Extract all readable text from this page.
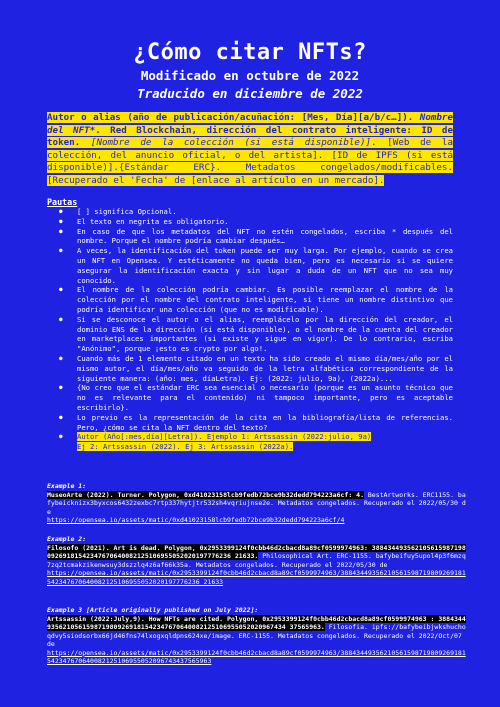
¿Cómo citar NFTs?
Modificado en octubre de 2022
Traducido en diciembre de 2022

Autor o alias (año de publicación/acuñación: [Mes, Día][a/b/c…]). Nombre del NFT*. Red Blockchain, dirección del contrato inteligente: ID de token. [Nombre de la colección (si está disponible)]. [Web de la colección, del anuncio oficial, o del artista]. [ID de IPFS (si está disponible)].{Estándar ERC}. Metadatos congelados/modificables. [Recuperado el 'Fecha' de [enlace al artículo en un mercado].

Pautas
● [ ] significa Opcional.
● El texto en negrita es obligatorio.
● En caso de que los metadatos del NFT no estén congelados, escriba * después del nombre. Porque el nombre podría cambiar después…
● A veces, la identificación del token puede ser muy larga. Por ejemplo, cuando se crea un NFT en Opensea. Y estéticamente no queda bien, pero es necesario si se quiere asegurar la identificación exacta y sin lugar a duda de un NFT que no sea muy conocido.
● El nombre de la colección podría cambiar. Es posible reemplazar el nombre de la colección por el nombre del contrato inteligente, si tiene un nombre distintivo que podría identificar una colección (que no es modificable).
● Si se desconoce el autor o el alias, reemplácelo por la dirección del creador, el dominio ENS de la dirección (si está disponible), o el nombre de la cuenta del creador en marketplaces importantes (si existe y sigue en vigor). De lo contrario, escriba "Anónimo", porque ¡esto es crypto por algo!.
● Cuando más de 1 elemento citado en un texto ha sido creado el mismo día/mes/año por el mismo autor, el día/mes/año va seguido de la letra alfabética correspondiente de la siguiente manera: (año: mes, díaLetra). Ej: (2022: julio, 9a), (2022a)...
● {No creo que el estándar ERC sea esencial o necesario (porque es un asunto técnico que no es relevante para el contenido) ni tampoco importante, pero es aceptable escribirlo}.
● Lo previo es la representación de la cita en la bibliografía/lista de referencias. Pero, ¿cómo se cita la NFT dentro del texto?
● Autor (Año[:mes,día][Letra]). Ejemplo 1: Artssassin (2022:julio, 9a)
Ej 2: Artssassin (2022). Ej 3: Artssassin (2022a).
Example 1:
MuseoArte (2022). Turner. Polygon, 0xd41023158lcb9fedb72bce9b32dedd794223a6cf: 4. BestArtworks. ERC1155. bafybeicknizx3byxcos6432zexbc7rtp337hytjtr532sh4vqriujnse2e. Metadatos congelados. Recuperado el 2022/05/30 de
https://opensea.io/assets/matic/0xd41023158lcb9fedb72bce9b32dedd794223a6cf/4
Example 2:
Filosofo (2021). Art is dead. Polygon, 0x2953399124f0cbb46d2cbacd8a89cf0599974963: 38843449356210561598719809269181542347670640082125106955052020197776236 21633. Philosophical Art. ERC-1155. bafybeifuy5upol4p3f6mzq7zq2tcmakzikenwsuy3dszzlq4z6af66k35a. Metadatos congelados. Recuperado el 2022/05/30 de
https://opensea.io/assets/matic/0x2953399124f0cbb46d2cbacd8a89cf0599974963/38843449356210561598719809269181542347670640082125106955052020197776236 21633
Example 3 [Article originally published on July 2022]:
Artssassin (2022:July,9). How NFTs are cited. Polygon, 0x2953399124f0cbb46d2cbacd8a89cf0599974963 : 38843449356210561598719809269181542347670640082125106955052020967434 37565963. Filosofia. ipfs://bafybeibjwkshuchoqdvy5siodsorbx66jd46fns74lxogxqldpns624xe/image. ERC-1155. Metadatos congelados. Recuperado el 2022/Oct/07 de
https://opensea.io/assets/matic/0x2953399124f0cbb46d2cbacd8a89cf0599974963/38843449356210561598719809269181542347670640082125106955052096743437565963
